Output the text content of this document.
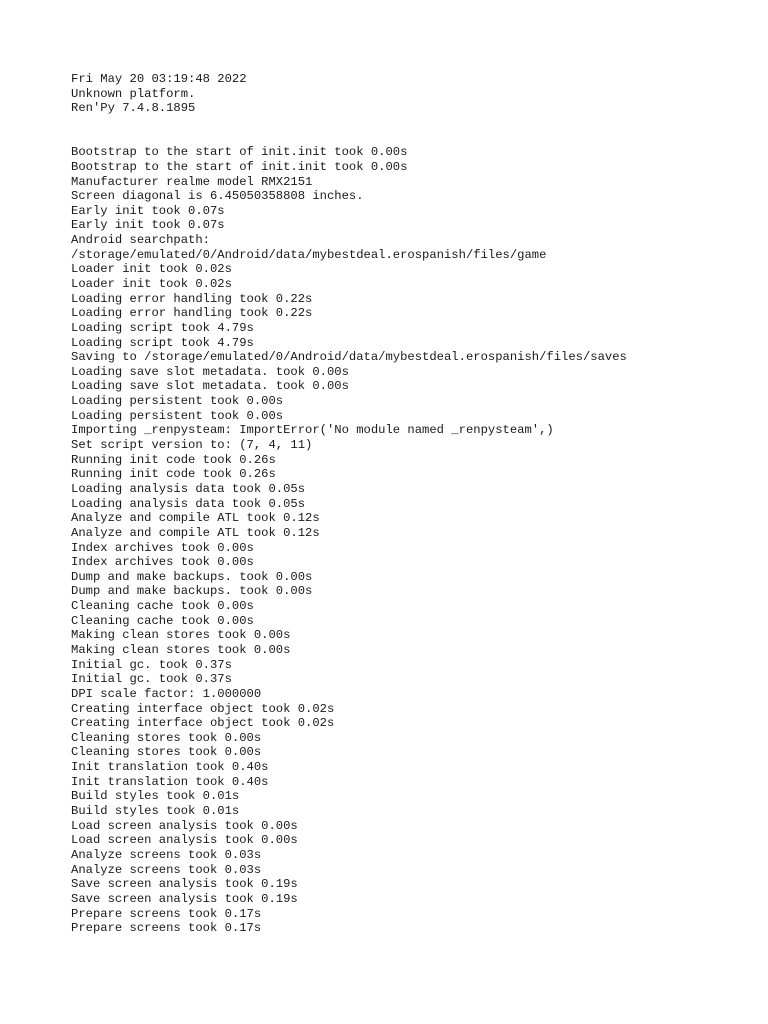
Fri May 20 03:19:48 2022
Unknown platform.
Ren'Py 7.4.8.1895
Bootstrap to the start of init.init took 0.00s
Bootstrap to the start of init.init took 0.00s
Manufacturer realme model RMX2151
Screen diagonal is 6.45050358808 inches.
Early init took 0.07s
Early init took 0.07s
Android searchpath:
/storage/emulated/0/Android/data/mybestdeal.erospanish/files/game
Loader init took 0.02s
Loader init took 0.02s
Loading error handling took 0.22s
Loading error handling took 0.22s
Loading script took 4.79s
Loading script took 4.79s
Saving to /storage/emulated/0/Android/data/mybestdeal.erospanish/files/saves
Loading save slot metadata. took 0.00s
Loading save slot metadata. took 0.00s
Loading persistent took 0.00s
Loading persistent took 0.00s
Importing _renpysteam: ImportError('No module named _renpysteam',)
Set script version to: (7, 4, 11)
Running init code took 0.26s
Running init code took 0.26s
Loading analysis data took 0.05s
Loading analysis data took 0.05s
Analyze and compile ATL took 0.12s
Analyze and compile ATL took 0.12s
Index archives took 0.00s
Index archives took 0.00s
Dump and make backups. took 0.00s
Dump and make backups. took 0.00s
Cleaning cache took 0.00s
Cleaning cache took 0.00s
Making clean stores took 0.00s
Making clean stores took 0.00s
Initial gc. took 0.37s
Initial gc. took 0.37s
DPI scale factor: 1.000000
Creating interface object took 0.02s
Creating interface object took 0.02s
Cleaning stores took 0.00s
Cleaning stores took 0.00s
Init translation took 0.40s
Init translation took 0.40s
Build styles took 0.01s
Build styles took 0.01s
Load screen analysis took 0.00s
Load screen analysis took 0.00s
Analyze screens took 0.03s
Analyze screens took 0.03s
Save screen analysis took 0.19s
Save screen analysis took 0.19s
Prepare screens took 0.17s
Prepare screens took 0.17s
